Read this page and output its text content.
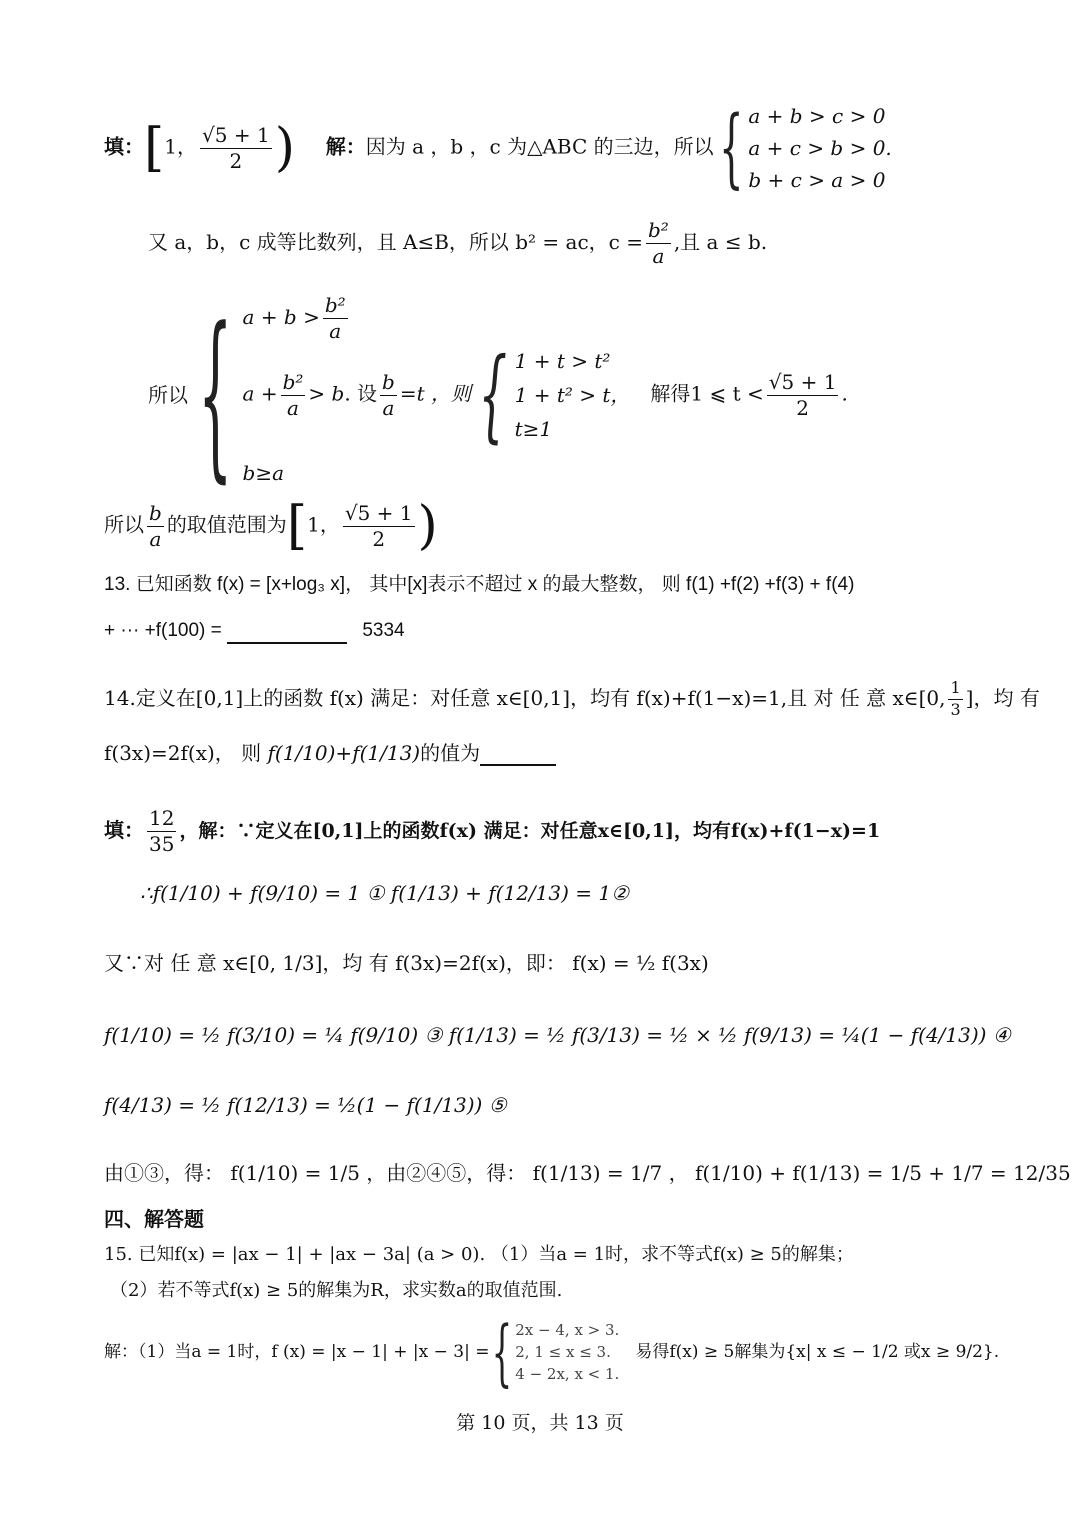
填：[1， $\frac{√5 + 1}{2}$ ) 解：因为 a ，b ，c 为△ABC 的三边，所以{ a + b > c > 0
a + c > b > 0.
b + c > a > 0
又 a，b，c 成等比数列，且 A≤B，所以 b² = ac，$c = \frac{\text{b²}}{a}$ ,且 a ≤ b.
所以{ $a + b > \frac{\text{b²}}{a}$
$a + \frac{\text{b²}}{a} > b$. 设 $\frac{b}{a} =t$ ，则{ 1 + t > t²
1 + t² > t，
t≥1
解得1 ⩽ $t < \frac{√5 + 1}{2}$ .
b≥a
所以 $\frac{b}{a}$ 的取值范围为[1， $\frac{√5 + 1}{2}$ )
13. 已知函数 f(x) = [x+log₃ x]， 其中[x]表示不超过 x 的最大整数， 则 f(1) +f(2) +f(3) + f(4)
+ ··· +f(100) =	5334
14.定义在[0,1]上的函数 f(x) 满足：对任意 x∈[0,1]，均有 f(x)+f(1−x)=1,且 对 任 意 x∈[0, $\frac{1}{3}$ ]，均 有
f(3x)=2f(x)， 则 f(1/10)+f(1/13)的值为
填： $\frac{12}{35}$ ，解：∵定义在[0,1]上的函数f(x) 满足：对任意x∈[0,1]，均有f(x)+f(1−x)=1
∴f(1/10) + f(9/10) = 1 ① f(1/13) + f(12/13) = 1②
又∵对 任 意 x∈[0, 1/3]，均 有 f(3x)=2f(x)，即： f(x) = ½ f(3x)
f(1/10) = ½ f(3/10) = ¼ f(9/10) ③ f(1/13) = ½ f(3/13) = ½ × ½ f(9/13) = ¼(1 − f(4/13)) ④
f(4/13) = ½ f(12/13) = ½(1 − f(1/13)) ⑤
由①③，得： f(1/10) = 1/5 ，由②④⑤，得： f(1/13) = 1/7 ， f(1/10) + f(1/13) = 1/5 + 1/7 = 12/35
四、解答题
15. 已知f(x) = |ax − 1| + |ax − 3a| (a > 0). （1）当a = 1时，求不等式f(x) ≥ 5的解集；
（2）若不等式f(x) ≥ 5的解集为R，求实数a的取值范围.
解：（1）当a = 1时，f (x) = |x − 1| + |x − 3| ={ 2x − 4, x > 3.
2, 1 ≤ x ≤ 3.
4 − 2x, x < 1.
易得f(x) ≥ 5解集为{x| x ≤ − 1/2 或x ≥ 9/2}.
第 10 页，共 13 页
